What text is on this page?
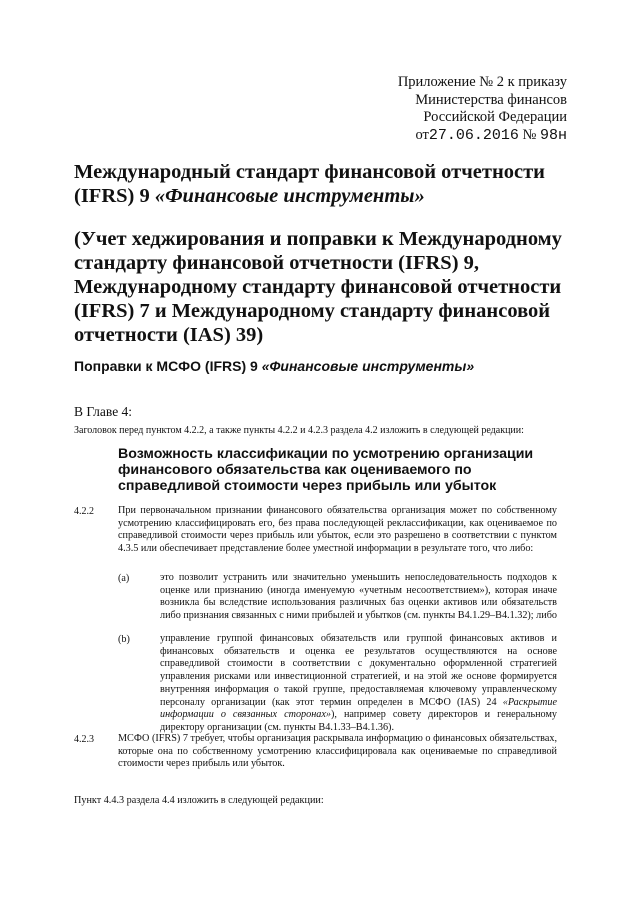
Приложение № 2 к приказу
Министерства финансов
Российской Федерации
от27.06.2016 № 98н
Международный стандарт финансовой отчетности
(IFRS) 9 «Финансовые инструменты»
(Учет хеджирования и поправки к Международному стандарту финансовой отчетности (IFRS) 9, Международному стандарту финансовой отчетности (IFRS) 7 и Международному стандарту финансовой отчетности (IAS) 39)
Поправки к МСФО (IFRS) 9 «Финансовые инструменты»
В Главе 4:
Заголовок перед пунктом 4.2.2, а также пункты 4.2.2 и 4.2.3 раздела 4.2 изложить в следующей редакции:
Возможность классификации по усмотрению организации финансового обязательства как оцениваемого по справедливой стоимости через прибыль или убыток
4.2.2 При первоначальном признании финансового обязательства организация может по собственному усмотрению классифицировать его, без права последующей реклассификации, как оцениваемое по справедливой стоимости через прибыль или убыток, если это разрешено в соответствии с пунктом 4.3.5 или обеспечивает представление более уместной информации в результате того, что либо:
(a)	это позволит устранить или значительно уменьшить непоследовательность подходов к оценке или признанию (иногда именуемую «учетным несоответствием»), которая иначе возникла бы вследствие использования различных баз оценки активов или обязательств либо признания связанных с ними прибылей и убытков (см. пункты B4.1.29–B4.1.32); либо
(b)	управление группой финансовых обязательств или группой финансовых активов и финансовых обязательств и оценка ее результатов осуществляются на основе справедливой стоимости в соответствии с документально оформленной стратегией управления рисками или инвестиционной стратегией, и на этой же основе формируется внутренняя информация о такой группе, предоставляемая ключевому управленческому персоналу организации (как этот термин определен в МСФО (IAS) 24 «Раскрытие информации о связанных сторонах»), например совету директоров и генеральному директору организации (см. пункты B4.1.33–B4.1.36).
4.2.3 МСФО (IFRS) 7 требует, чтобы организация раскрывала информацию о финансовых обязательствах, которые она по собственному усмотрению классифицировала как оцениваемые по справедливой стоимости через прибыль или убыток.
Пункт 4.4.3 раздела 4.4 изложить в следующей редакции:
